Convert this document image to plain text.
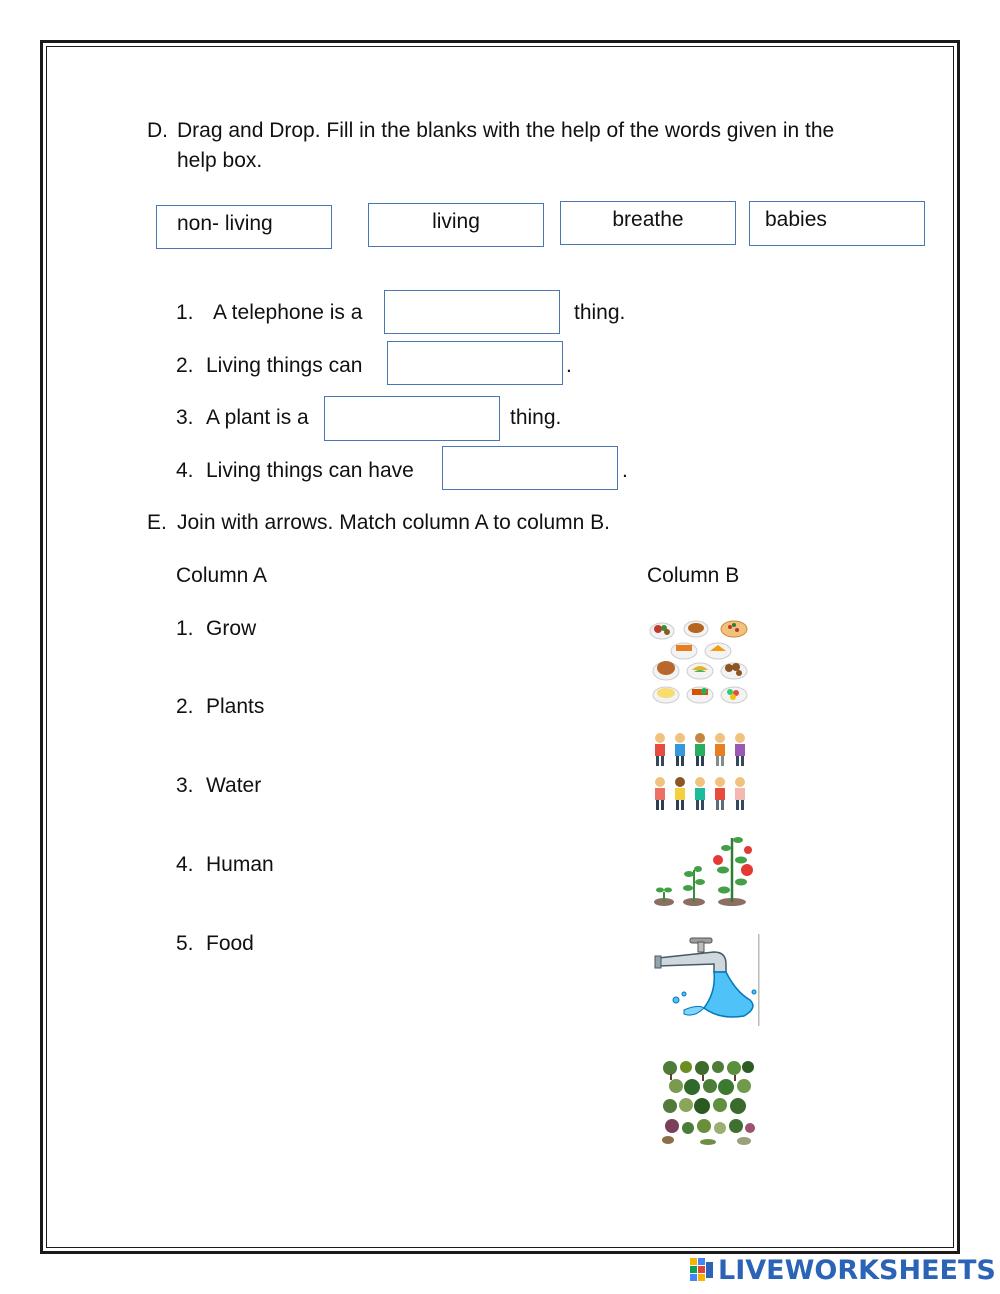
D. Drag and Drop. Fill in the blanks with the help of the words given in the help box.
non- living	living	breathe	babies
1. A telephone is a	thing.
2. Living things can	.
3. A plant is a	thing.
4. Living things can have	.
E. Join with arrows. Match column A to column B.
Column A	Column B
1. Grow
2. Plants
3. Water
4. Human
5. Food
LIVEWORKSHEETS
